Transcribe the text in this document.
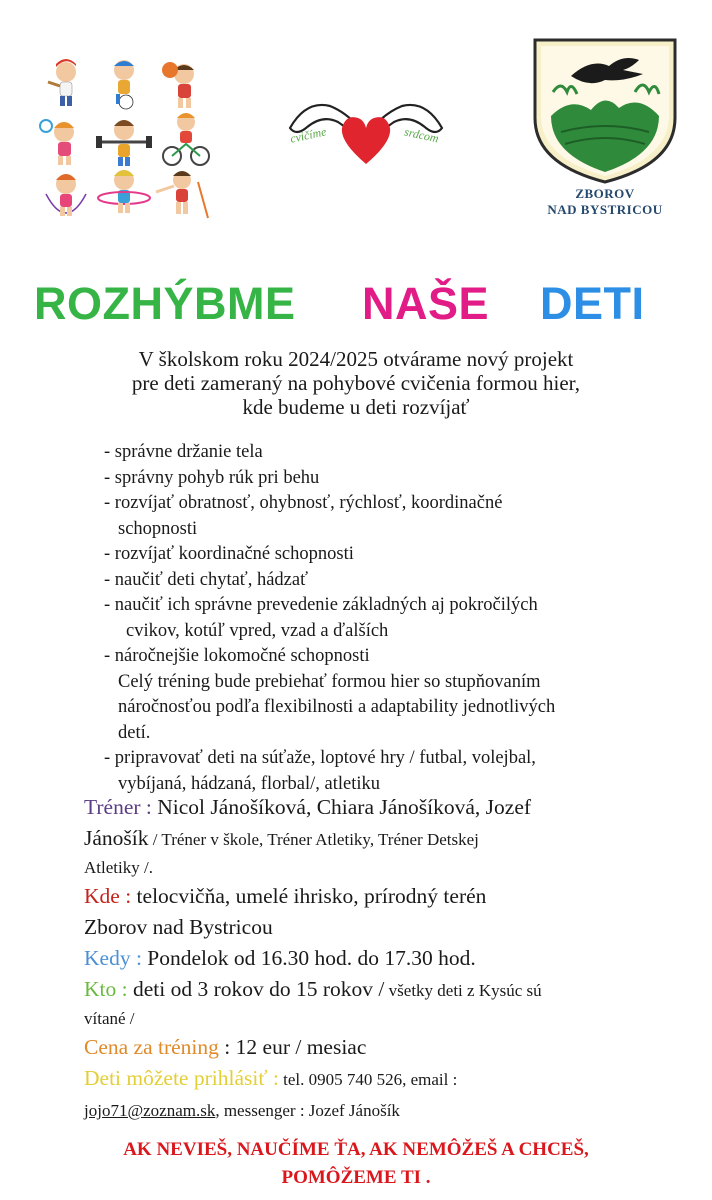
cvičíme	srdcom
ZBOROV
NAD BYSTRICOU
ROZHÝBME NAŠE DETI
V školskom roku 2024/2025 otvárame nový projekt
pre deti zameraný na pohybové cvičenia formou hier,
kde budeme u deti rozvíjať
- správne držanie tela
- správny pohyb rúk pri behu
- rozvíjať obratnosť, ohybnosť, rýchlosť, koordinačné
schopnosti
- rozvíjať koordinačné schopnosti
- naučiť deti chytať, hádzať
- naučiť ich správne prevedenie základných aj pokročilých
cvikov, kotúľ vpred, vzad a ďalších
- náročnejšie lokomočné schopnosti
Celý tréning bude prebiehať formou hier so stupňovaním
náročnosťou podľa flexibilnosti a adaptability jednotlivých
detí.
- pripravovať deti na súťaže, loptové hry / futbal, volejbal,
vybíjaná, hádzaná, florbal/, atletiku
Tréner : Nicol Jánošíková, Chiara Jánošíková, Jozef
Jánošík / Tréner v škole, Tréner Atletiky, Tréner Detskej
Atletiky /.
Kde : telocvičňa, umelé ihrisko, prírodný terén
Zborov nad Bystricou
Kedy : Pondelok od 16.30 hod. do 17.30 hod.
Kto : deti od 3 rokov do 15 rokov / všetky deti z Kysúc sú
vítané /
Cena za tréning : 12 eur / mesiac
Deti môžete prihlásiť : tel. 0905 740 526, email :
jojo71@zoznam.sk, messenger : Jozef Jánošík
AK NEVIEŠ, NAUČÍME ŤA, AK NEMÔŽEŠ A CHCEŠ,
POMÔŽEME TI .
